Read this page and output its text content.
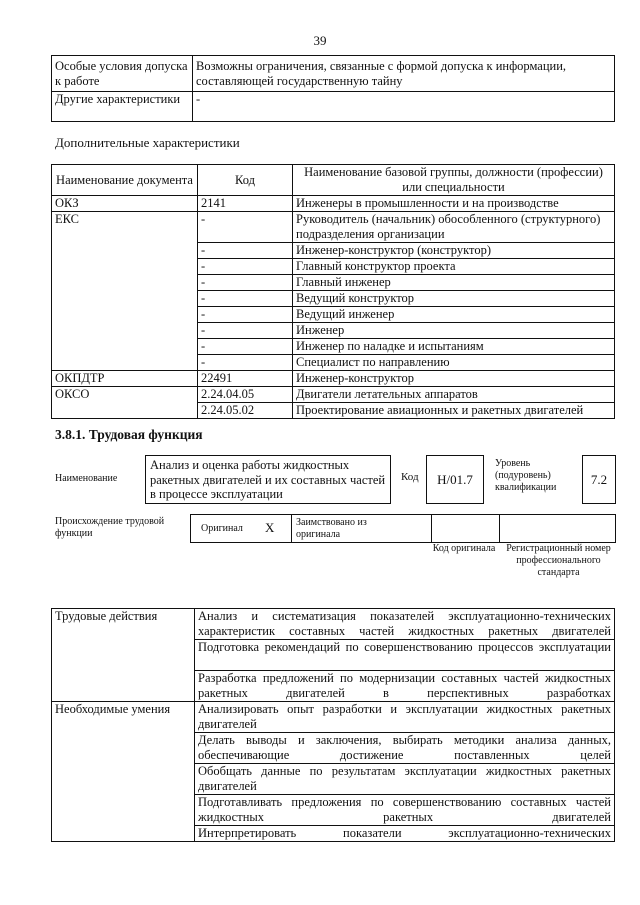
39
Особые условия допуска к работе	Возможны ограничения, связанные с формой допуска к информации, составляющей государственную тайну
Другие характеристики	-
Дополнительные характеристики
Наименование документа	Код	Наименование базовой группы, должности (профессии) или специальности
ОКЗ	2141	Инженеры в промышленности и на производстве
ЕКС	-	Руководитель (начальник) обособленного (структурного) подразделения организации
	-	Инженер-конструктор (конструктор)
	-	Главный конструктор проекта
	-	Главный инженер
	-	Ведущий конструктор
	-	Ведущий инженер
	-	Инженер
	-	Инженер по наладке и испытаниям
	-	Специалист по направлению
ОКПДТР	22491	Инженер-конструктор
ОКСО	2.24.04.05	Двигатели летательных аппаратов
	2.24.05.02	Проектирование авиационных и ракетных двигателей
3.8.1. Трудовая функция
Наименование
Анализ и оценка работы жидкостных ракетных двигателей и их составных частей в процессе эксплуатации
Код Н/01.7
Уровень (подуровень) квалификации
7.2
Происхождение трудовой функции	Оригинал X Заимствовано из оригинала
Код оригинала	Регистрационный номер профессионального стандарта
Трудовые действия	Анализ и систематизация показателей эксплуатационно-технических характеристик составных частей жидкостных ракетных двигателей

	Подготовка рекомендаций по совершенствованию процессов эксплуатации

	Разработка предложений по модернизации составных частей жидкостных ракетных двигателей в перспективных разработках

Необходимые умения	Анализировать опыт разработки и эксплуатации жидкостных ракетных двигателей

	Делать выводы и заключения, выбирать методики анализа данных, обеспечивающие достижение поставленных целей

	Обобщать данные по результатам эксплуатации жидкостных ракетных двигателей

	Подготавливать предложения по совершенствованию составных частей жидкостных ракетных двигателей

	Интерпретировать показатели эксплуатационно-технических
